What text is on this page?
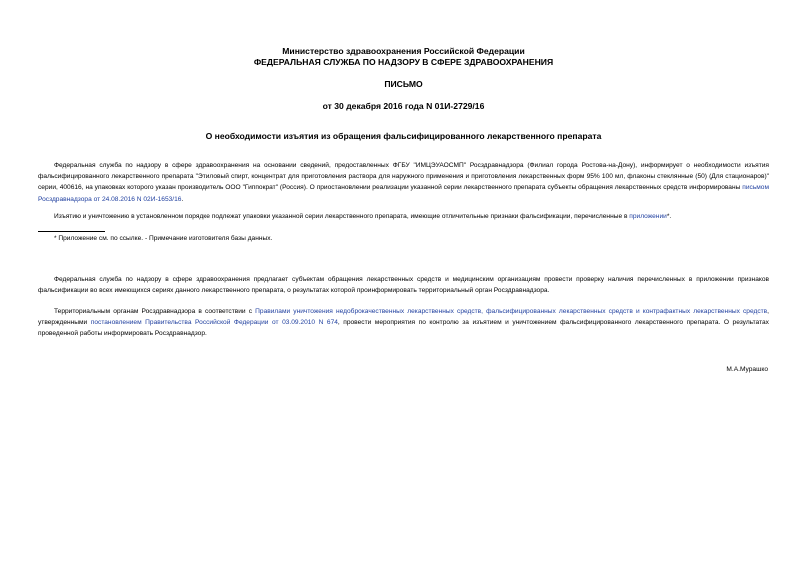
Министерство здравоохранения Российской Федерации
ФЕДЕРАЛЬНАЯ СЛУЖБА ПО НАДЗОРУ В СФЕРЕ ЗДРАВООХРАНЕНИЯ
ПИСЬМО
от 30 декабря 2016 года N 01И-2729/16
О необходимости изъятия из обращения фальсифицированного лекарственного препарата

Федеральная служба по надзору в сфере здравоохранения на основании сведений, предоставленных ФГБУ "ИМЦЭУАОСМП" Росздравнадзора (Филиал города Ростова-на-Дону), информирует о необходимости изъятия фальсифицированного лекарственного препарата "Этиловый спирт, концентрат для приготовления раствора для наружного применения и приготовления лекарственных форм 95% 100 мл, флаконы стеклянные (50) (Для стационаров)" серии, 400616, на упаковках которого указан производитель ООО "Гиппократ" (Россия). О приостановлении реализации указанной серии лекарственного препарата субъекты обращения лекарственных средств информированы письмом Росздравнадзора от 24.08.2016 N 02И-1653/16.

Изъятию и уничтожению в установленном порядке подлежат упаковки указанной серии лекарственного препарата, имеющие отличительные признаки фальсификации, перечисленные в приложении*.

* Приложение см. по ссылке. - Примечание изготовителя базы данных.

Федеральная служба по надзору в сфере здравоохранения предлагает субъектам обращения лекарственных средств и медицинским организациям провести проверку наличия перечисленных в приложении признаков фальсификации во всех имеющихся сериях данного лекарственного препарата, о результатах которой проинформировать территориальный орган Росздравнадзора.

Территориальным органам Росздравнадзора в соответствии с Правилами уничтожения недоброкачественных лекарственных средств, фальсифицированных лекарственных средств и контрафактных лекарственных средств, утвержденными постановлением Правительства Российской Федерации от 03.09.2010 N 674, провести мероприятия по контролю за изъятием и уничтожением фальсифицированного лекарственного препарата. О результатах проведенной работы информировать Росздравнадзор.

М.А.Мурашко
